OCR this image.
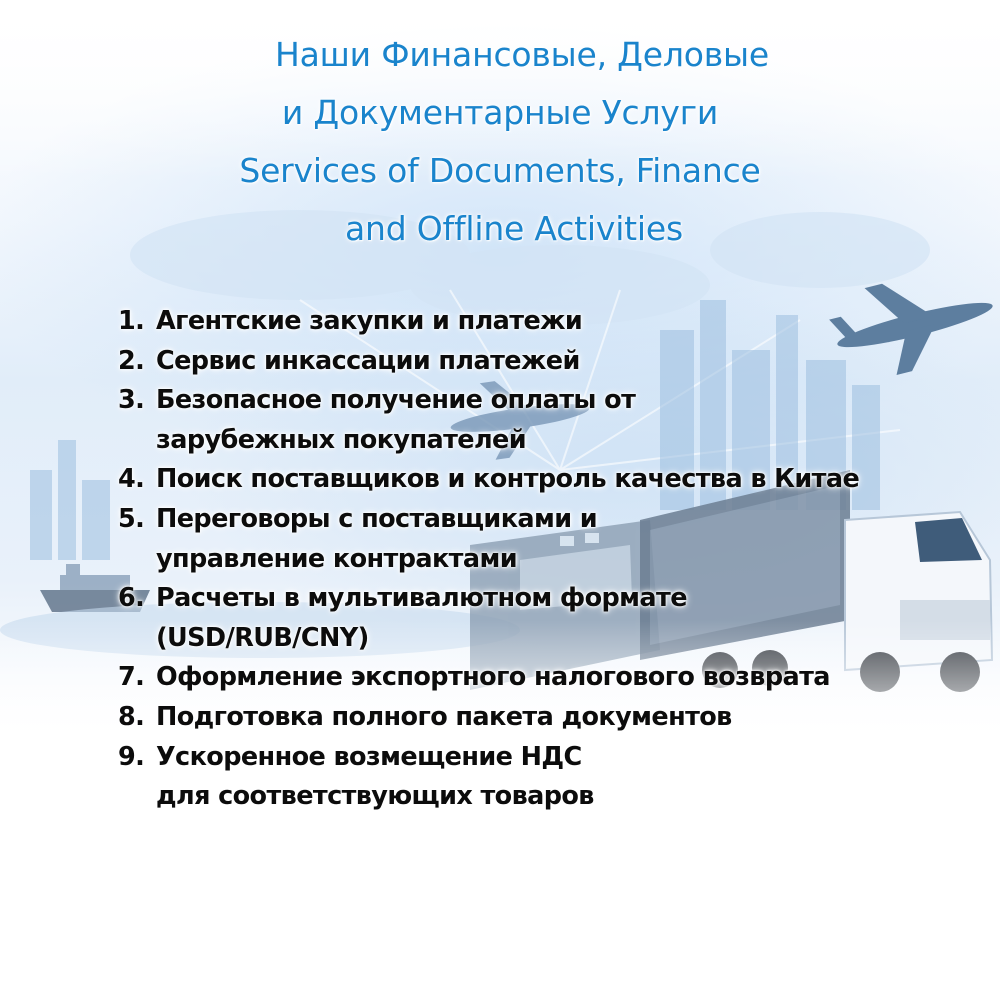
Наши Финансовые, Деловые
и Документарные Услуги
Services of Documents, Finance
and Offline Activities
1. Агентские закупки и платежи
2. Сервис инкассации платежей
3. Безопасное получение оплаты от
зарубежных покупателей
4. Поиск поставщиков и контроль качества в Китае
5. Переговоры с поставщиками и
управление контрактами
6. Расчеты в мультивалютном формате
(USD/RUB/CNY)
7. Оформление экспортного налогового возврата
8. Подготовка полного пакета документов
9. Ускоренное возмещение НДС
для соответствующих товаров
